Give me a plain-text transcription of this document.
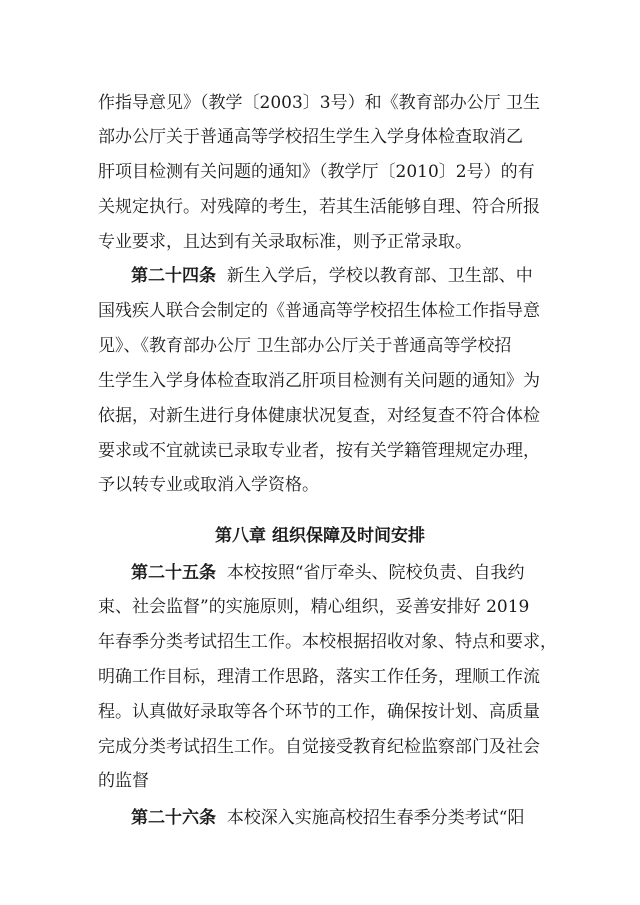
作指导意见》（教学〔2003〕3号）和《教育部办公厅 卫生
部办公厅关于普通高等学校招生学生入学身体检查取消乙
肝项目检测有关问题的通知》（教学厅〔2010〕2号）的有
关规定执行。对残障的考生，若其生活能够自理、符合所报
专业要求，且达到有关录取标准，则予正常录取。
第二十四条 新生入学后，学校以教育部、卫生部、中
国残疾人联合会制定的《普通高等学校招生体检工作指导意
见》、《教育部办公厅 卫生部办公厅关于普通高等学校招
生学生入学身体检查取消乙肝项目检测有关问题的通知》为
依据，对新生进行身体健康状况复查，对经复查不符合体检
要求或不宜就读已录取专业者，按有关学籍管理规定办理，
予以转专业或取消入学资格。
第八章 组织保障及时间安排
第二十五条 本校按照“省厅牵头、院校负责、自我约
束、社会监督”的实施原则，精心组织，妥善安排好 2019
年春季分类考试招生工作。本校根据招收对象、特点和要求，
明确工作目标，理清工作思路，落实工作任务，理顺工作流
程。认真做好录取等各个环节的工作，确保按计划、高质量
完成分类考试招生工作。自觉接受教育纪检监察部门及社会
的监督
第二十六条 本校深入实施高校招生春季分类考试“阳
